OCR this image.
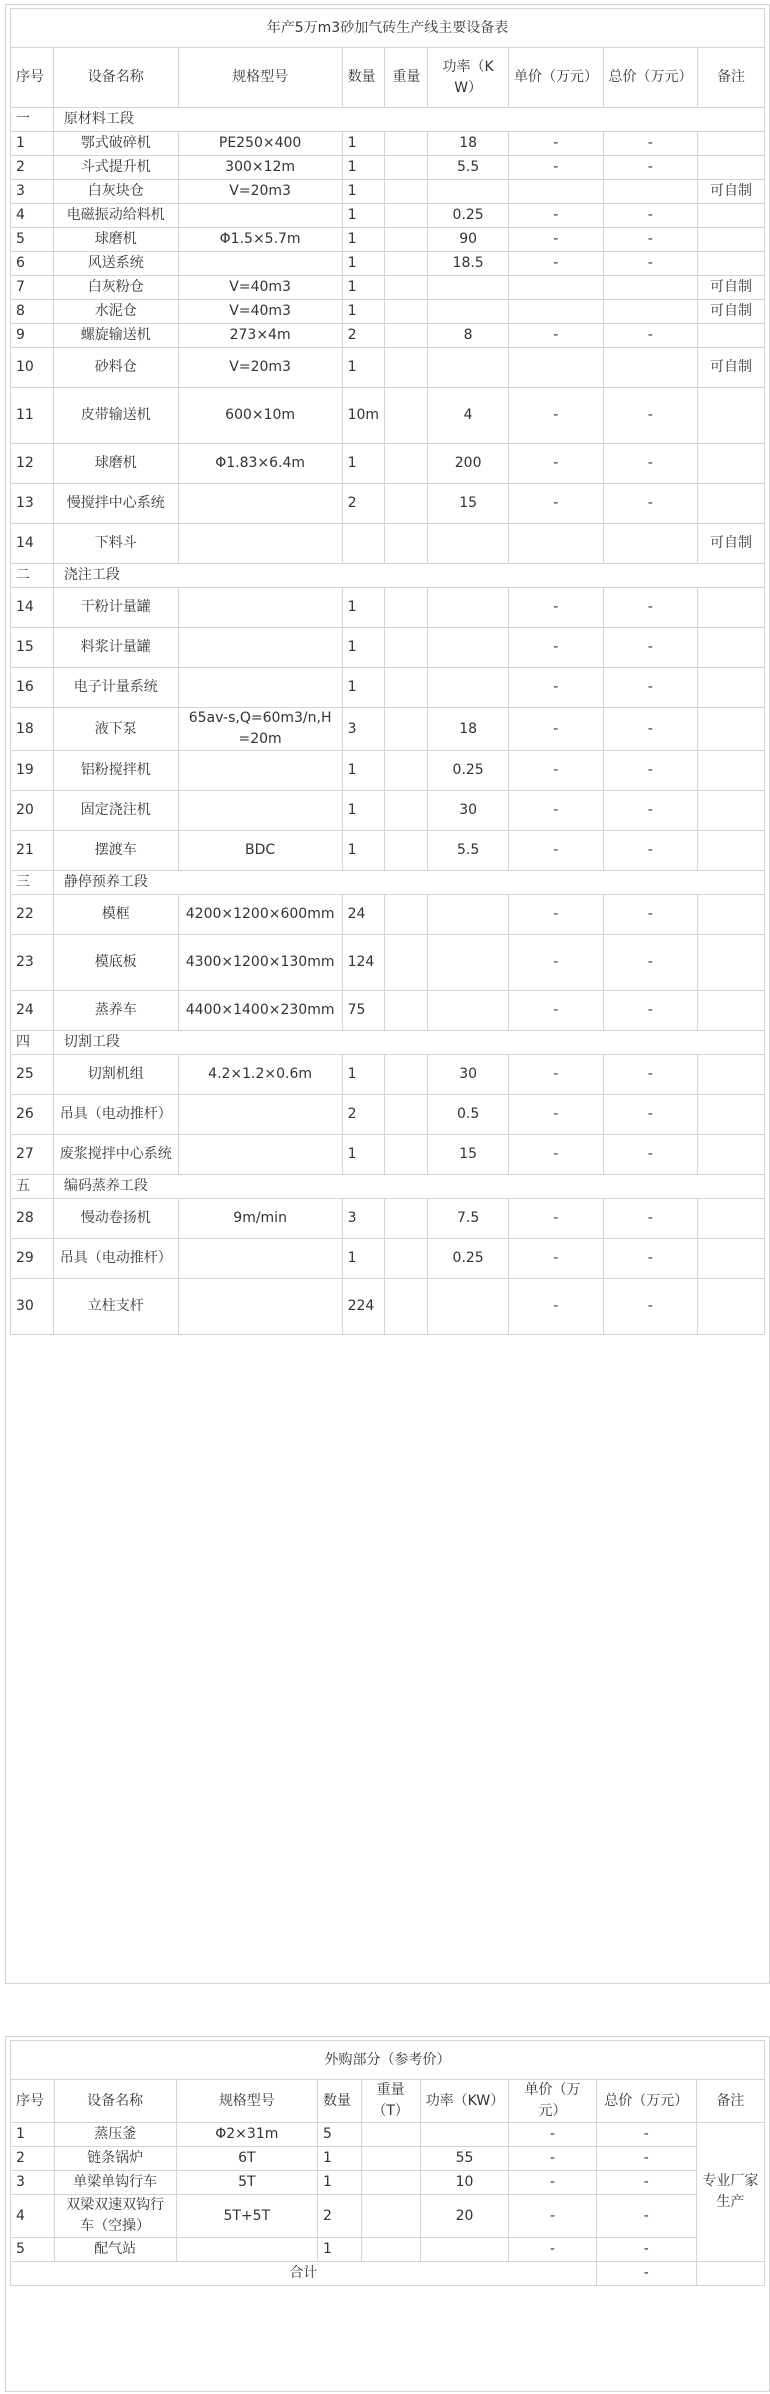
年产5万m3砂加气砖生产线主要设备表								
序号	设备名称	规格型号	数量	重量	功率（KW）	单价（万元）	总价（万元）	备注
一	原材料工段							
1	鄂式破碎机	PE250×400	1		18	-	-	
2	斗式提升机	300×12m	1		5.5	-	-	
3	白灰块仓	V=20m3	1					可自制
4	电磁振动给料机		1		0.25	-	-	
5	球磨机	Φ1.5×5.7m	1		90	-	-	
6	风送系统		1		18.5	-	-	
7	白灰粉仓	V=40m3	1					可自制
8	水泥仓	V=40m3	1					可自制
9	螺旋输送机	273×4m	2		8	-	-	
10	砂料仓	V=20m3	1					可自制
11	皮带输送机	600×10m	10m		4	-	-	
12	球磨机	Φ1.83×6.4m	1		200	-	-	
13	慢搅拌中心系统		2		15	-	-	
14	下料斗							可自制
二	浇注工段							
14	干粉计量罐		1			-	-	
15	料浆计量罐		1			-	-	
16	电子计量系统		1			-	-	
18	液下泵	65av-s,Q=60m3/n,H=20m	3		18	-	-	
19	铝粉搅拌机		1		0.25	-	-	
20	固定浇注机		1		30	-	-	
21	摆渡车	BDC	1		5.5	-	-	
三	静停预养工段							
22	模框	4200×1200×600mm	24			-	-	
23	模底板	4300×1200×130mm	124			-	-	
24	蒸养车	4400×1400×230mm	75			-	-	
四	切割工段							
25	切割机组	4.2×1.2×0.6m	1		30	-	-	
26	吊具（电动推杆）		2		0.5	-	-	
27	废浆搅拌中心系统		1		15	-	-	
五	编码蒸养工段							
28	慢动卷扬机	9m/min	3		7.5	-	-	
29	吊具（电动推杆）		1		0.25	-	-	
30	立柱支杆		224			-	-	
外购部分（参考价）								
序号	设备名称	规格型号	数量	重量（T）	功率（KW）	单价（万元）	总价（万元）	备注
1	蒸压釜	Φ2×31m	5			-	-	专业厂家生产
2	链条锅炉	6T	1		55	-	-	
3	单梁单钩行车	5T	1		10	-	-	
4	双梁双速双钩行车（空操）	5T+5T	2		20	-	-	
5	配气站		1			-	-	
合计							-	
